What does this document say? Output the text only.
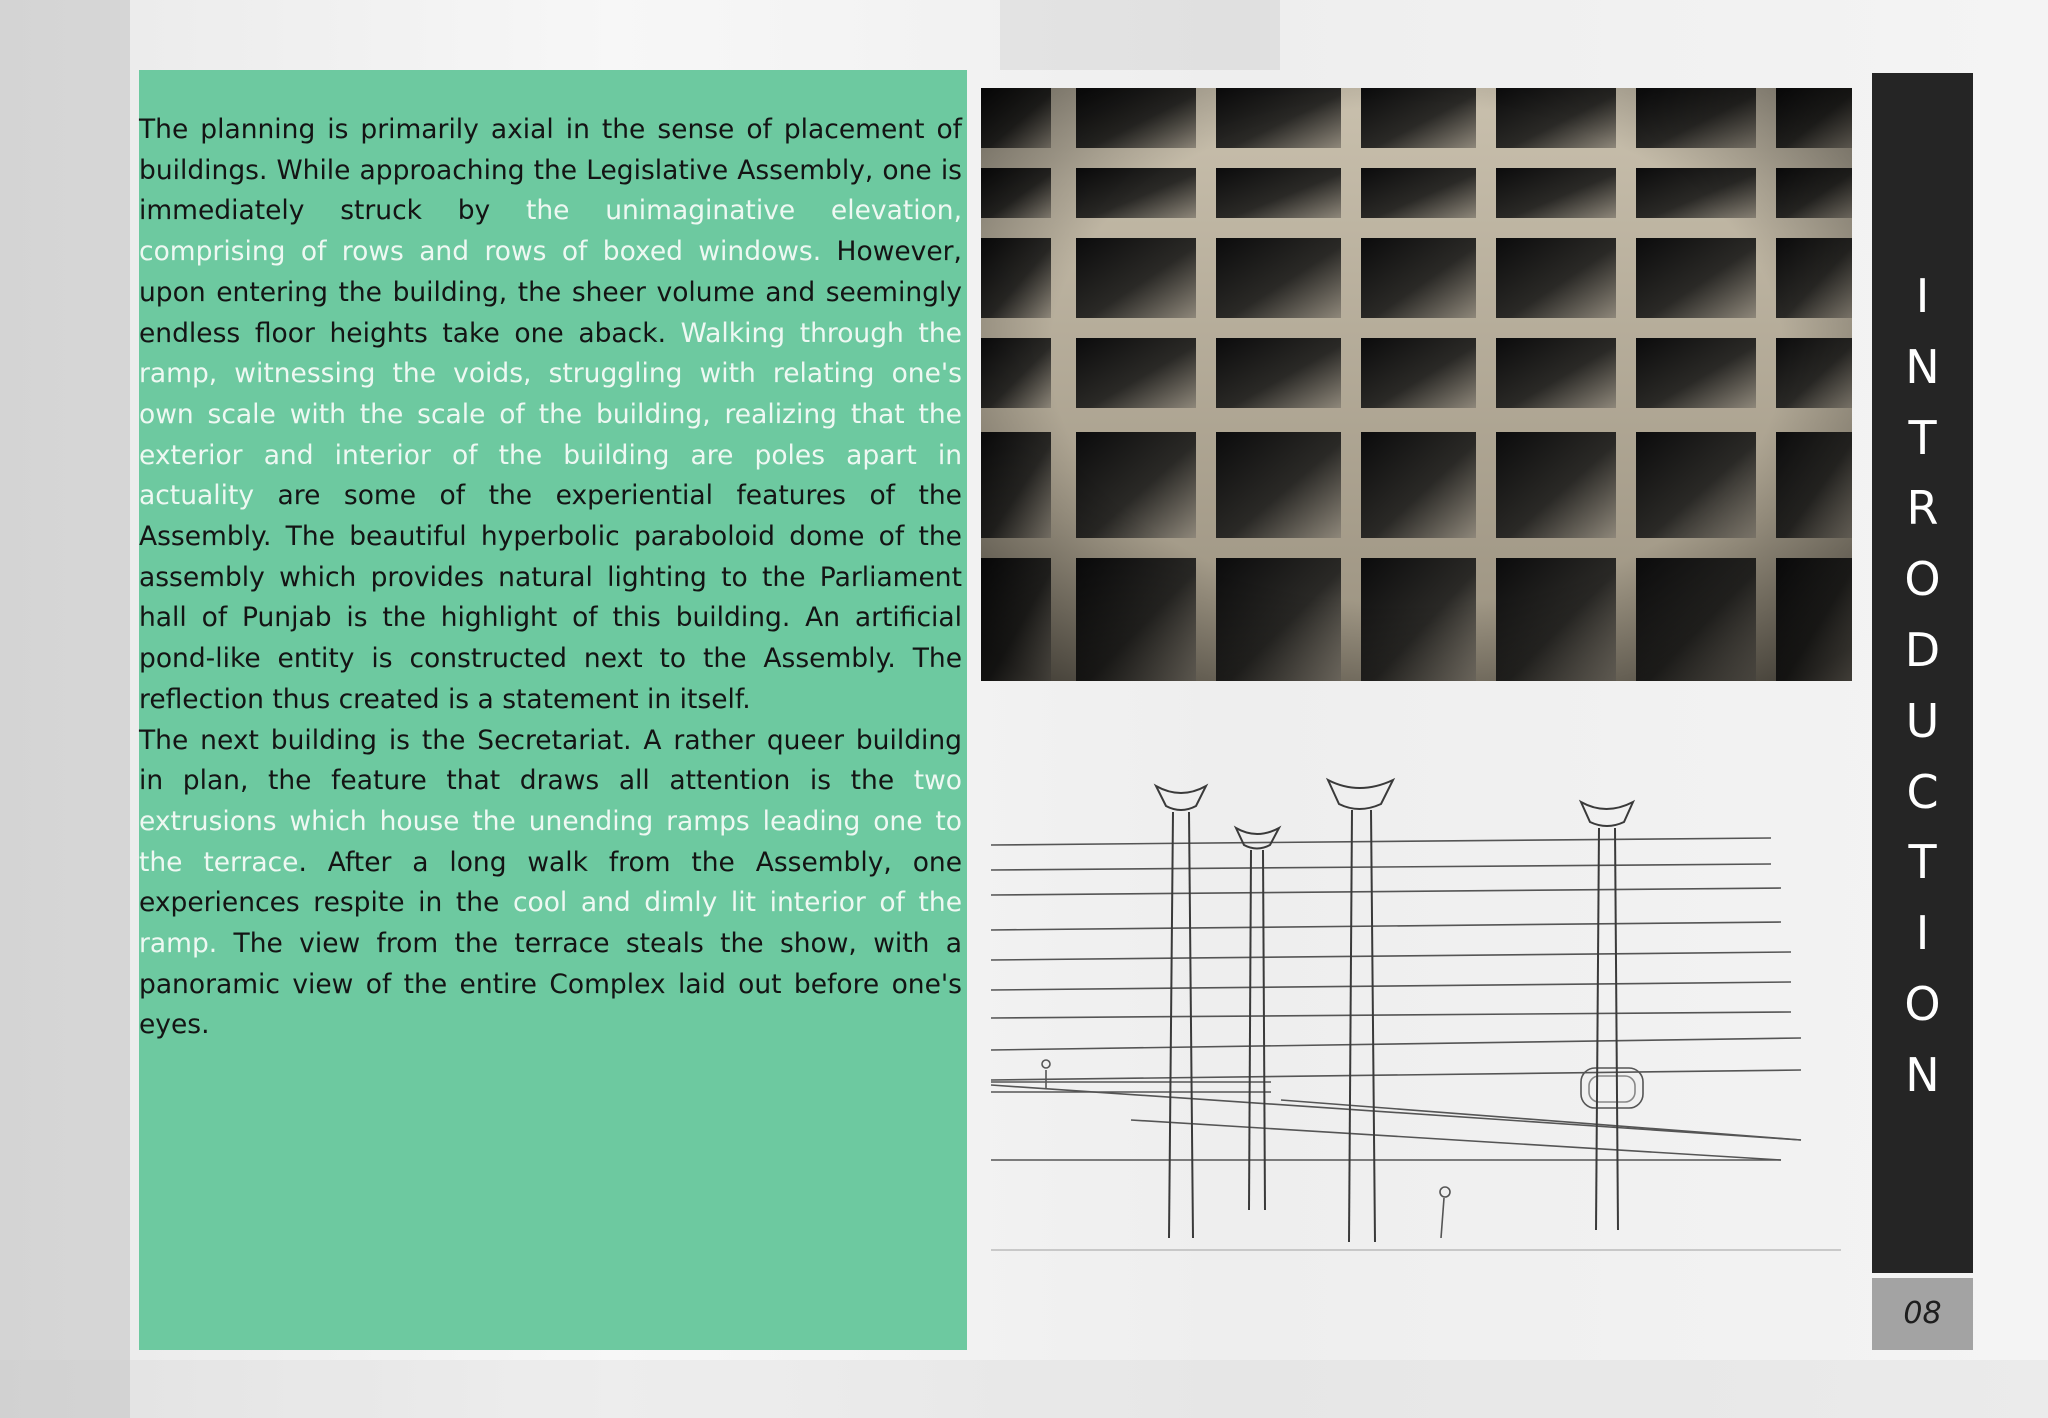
The planning is primarily axial in the sense of placement of buildings. While approaching the Legislative Assembly, one is immediately struck by the unimaginative elevation, comprising of rows and rows of boxed windows. However, upon entering the building, the sheer volume and seemingly endless floor heights take one aback. Walking through the ramp, witnessing the voids, struggling with relating one's own scale with the scale of the building, realizing that the exterior and interior of the building are poles apart in actuality are some of the experiential features of the Assembly. The beautiful hyperbolic paraboloid dome of the assembly which provides natural lighting to the Parliament hall of Punjab is the highlight of this building. An artificial pond-like entity is constructed next to the Assembly. The reflection thus created is a statement in itself.

The next building is the Secretariat. A rather queer building in plan, the feature that draws all attention is the two extrusions which house the unending ramps leading one to the terrace. After a long walk from the Assembly, one experiences respite in the cool and dimly lit interior of the ramp. The view from the terrace steals the show, with a panoramic view of the entire Complex laid out before one's eyes.

I
N
T
R
O
D
U
C
T
I
O
N
08
